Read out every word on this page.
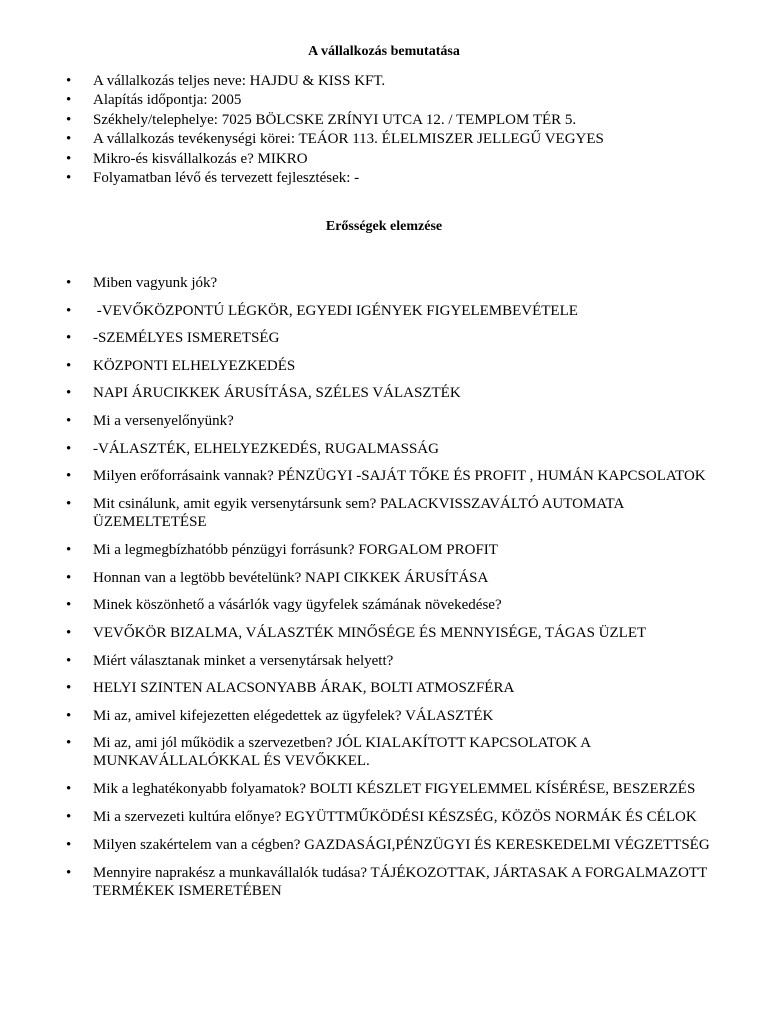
A vállalkozás bemutatása
• A vállalkozás teljes neve: HAJDU & KISS KFT.
• Alapítás időpontja: 2005
• Székhely/telephelye: 7025 BÖLCSKE ZRÍNYI UTCA 12. / TEMPLOM TÉR 5.
• A vállalkozás tevékenységi körei: TEÁOR 113. ÉLELMISZER JELLEGŰ VEGYES
• Mikro-és kisvállalkozás e? MIKRO
• Folyamatban lévő és tervezett fejlesztések: -
Erősségek elemzése
• Miben vagyunk jók?
• -VEVŐKÖZPONTÚ LÉGKÖR, EGYEDI IGÉNYEK FIGYELEMBEVÉTELE
• -SZEMÉLYES ISMERETSÉG
• KÖZPONTI ELHELYEZKEDÉS
• NAPI ÁRUCIKKEK ÁRUSÍTÁSA, SZÉLES VÁLASZTÉK
• Mi a versenyelőnyünk?
• -VÁLASZTÉK, ELHELYEZKEDÉS, RUGALMASSÁG
• Milyen erőforrásaink vannak? PÉNZÜGYI -SAJÁT TŐKE ÉS PROFIT , HUMÁN KAPCSOLATOK
• Mit csinálunk, amit egyik versenytársunk sem? PALACKVISSZAVÁLTÓ AUTOMATA ÜZEMELTETÉSE
• Mi a legmegbízhatóbb pénzügyi forrásunk? FORGALOM PROFIT
• Honnan van a legtöbb bevételünk? NAPI CIKKEK ÁRUSÍTÁSA
• Minek köszönhető a vásárlók vagy ügyfelek számának növekedése?
• VEVŐKÖR BIZALMA, VÁLASZTÉK MINŐSÉGE ÉS MENNYISÉGE, TÁGAS ÜZLET
• Miért választanak minket a versenytársak helyett?
• HELYI SZINTEN ALACSONYABB ÁRAK, BOLTI ATMOSZFÉRA
• Mi az, amivel kifejezetten elégedettek az ügyfelek? VÁLASZTÉK
• Mi az, ami jól működik a szervezetben? JÓL KIALAKÍTOTT KAPCSOLATOK A MUNKAVÁLLALÓKKAL ÉS VEVŐKKEL.
• Mik a leghatékonyabb folyamatok? BOLTI KÉSZLET FIGYELEMMEL KÍSÉRÉSE, BESZERZÉS
• Mi a szervezeti kultúra előnye? EGYÜTTMŰKÖDÉSI KÉSZSÉG, KÖZÖS NORMÁK ÉS CÉLOK
• Milyen szakértelem van a cégben? GAZDASÁGI,PÉNZÜGYI ÉS KERESKEDELMI VÉGZETTSÉG
• Mennyire naprakész a munkavállalók tudása? TÁJÉKOZOTTAK, JÁRTASAK A FORGALMAZOTT TERMÉKEK ISMERETÉBEN
